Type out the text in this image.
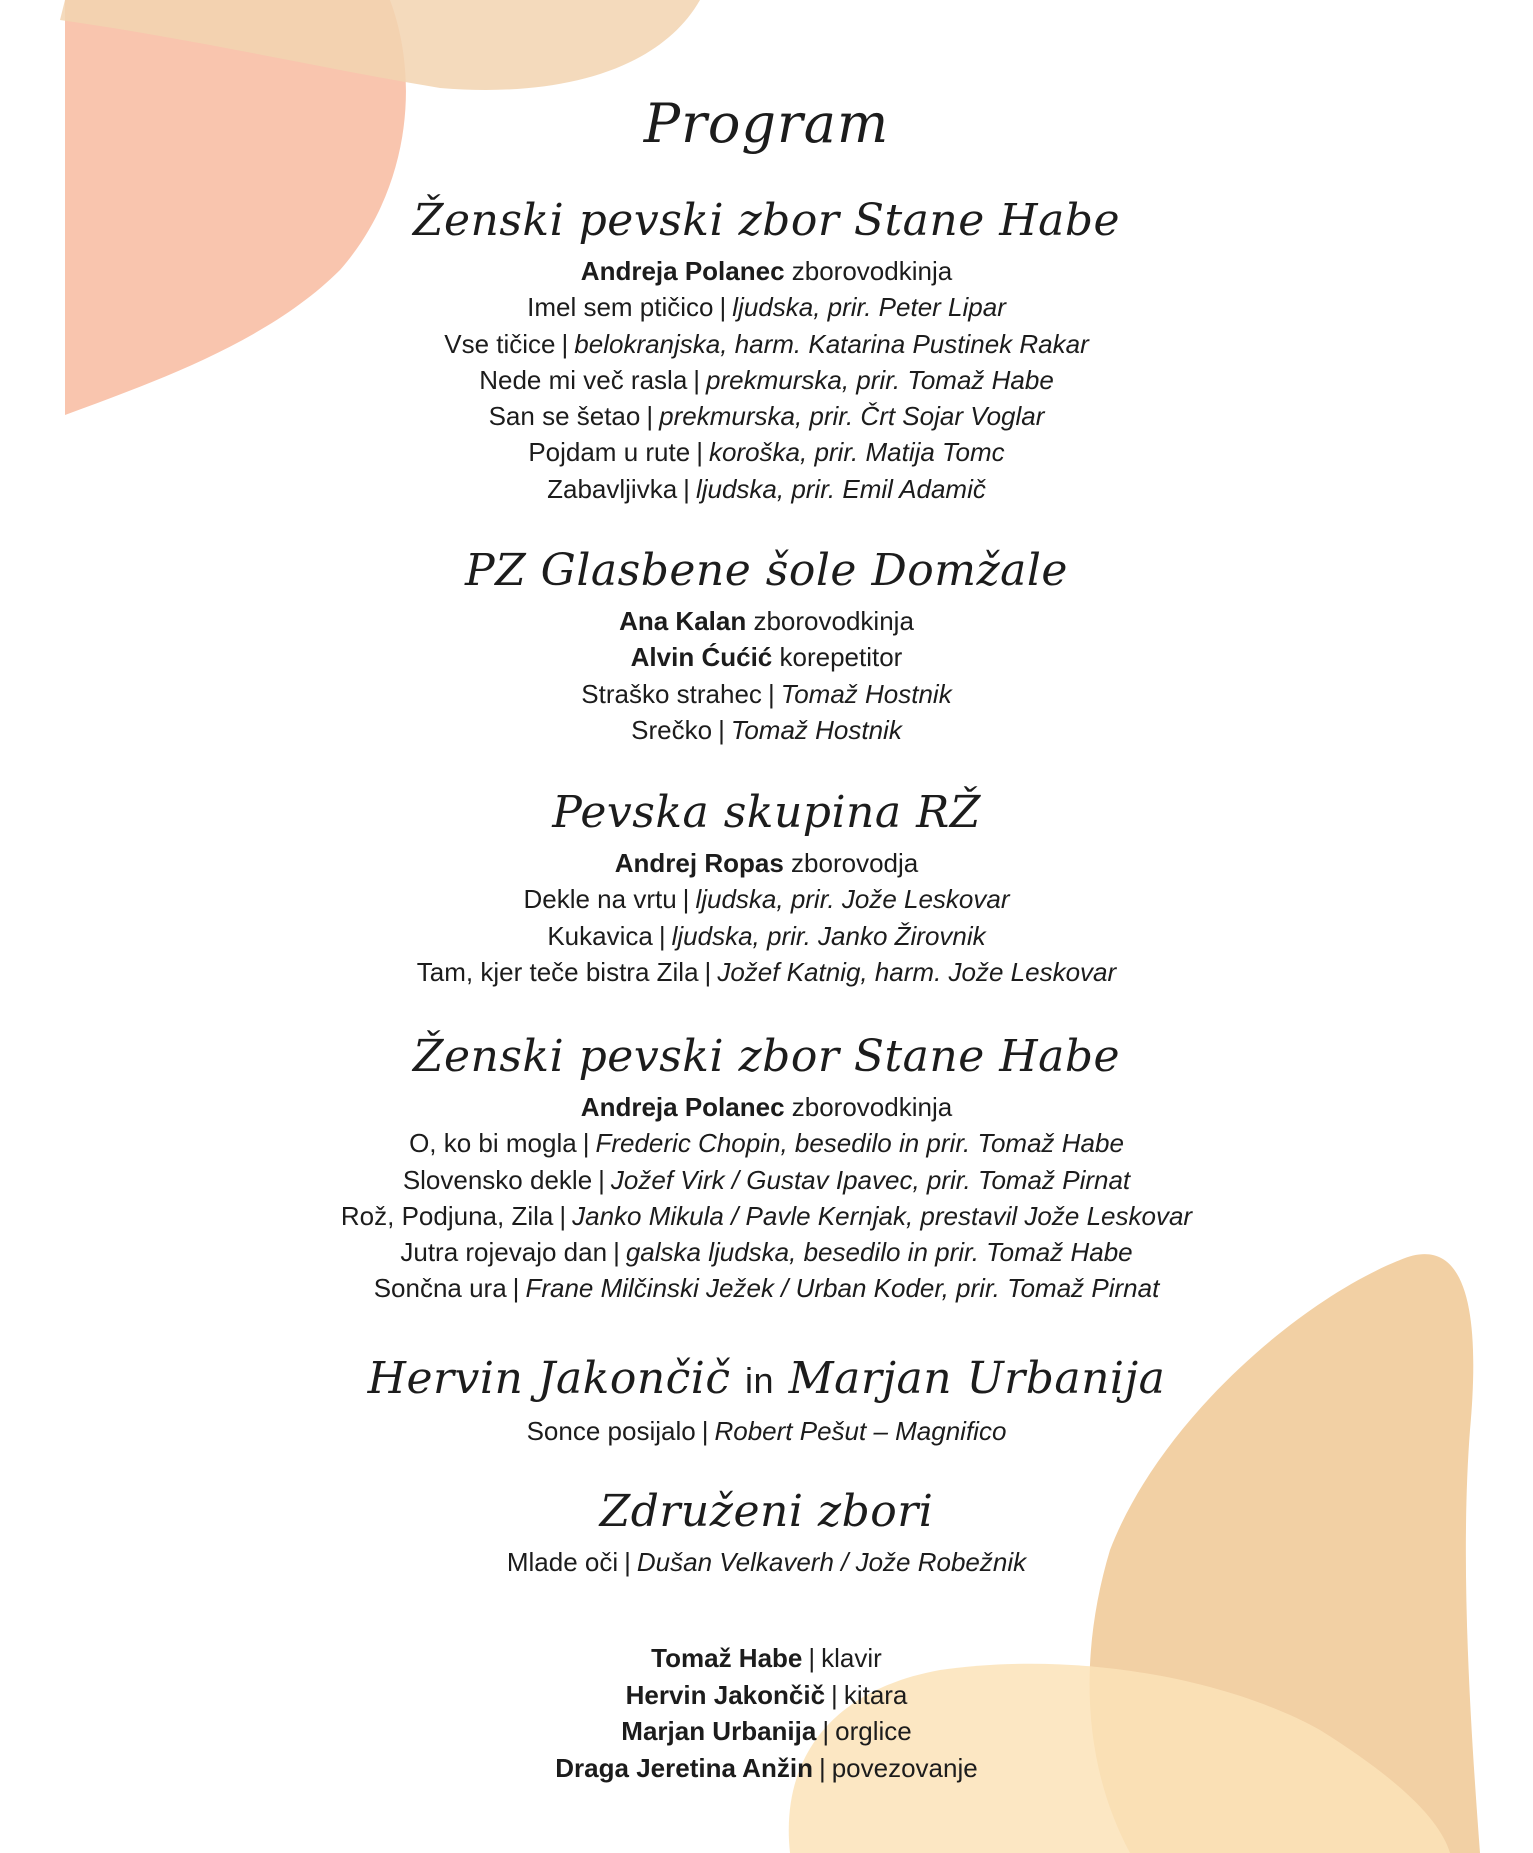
Program
Ženski pevski zbor Stane Habe
Andreja Polanec zborovodkinja
Imel sem ptičico | ljudska, prir. Peter Lipar
Vse tičice | belokranjska, harm. Katarina Pustinek Rakar
Nede mi več rasla | prekmurska, prir. Tomaž Habe
San se šetao | prekmurska, prir. Črt Sojar Voglar
Pojdam u rute | koroška, prir. Matija Tomc
Zabavljivka | ljudska, prir. Emil Adamič
PZ Glasbene šole Domžale
Ana Kalan zborovodkinja
Alvin Ćućić korepetitor
Straško strahec | Tomaž Hostnik
Srečko | Tomaž Hostnik
Pevska skupina RŽ
Andrej Ropas zborovodja
Dekle na vrtu | ljudska, prir. Jože Leskovar
Kukavica | ljudska, prir. Janko Žirovnik
Tam, kjer teče bistra Zila | Jožef Katnig, harm. Jože Leskovar
Ženski pevski zbor Stane Habe
Andreja Polanec zborovodkinja
O, ko bi mogla | Frederic Chopin, besedilo in prir. Tomaž Habe
Slovensko dekle | Jožef Virk / Gustav Ipavec, prir. Tomaž Pirnat
Rož, Podjuna, Zila | Janko Mikula / Pavle Kernjak, prestavil Jože Leskovar
Jutra rojevajo dan | galska ljudska, besedilo in prir. Tomaž Habe
Sončna ura | Frane Milčinski Ježek / Urban Koder, prir. Tomaž Pirnat
Hervin Jakončič in Marjan Urbanija
Sonce posijalo | Robert Pešut – Magnifico
Združeni zbori
Mlade oči | Dušan Velkaverh / Jože Robežnik
Tomaž Habe | klavir
Hervin Jakončič | kitara
Marjan Urbanija | orglice
Draga Jeretina Anžin | povezovanje
